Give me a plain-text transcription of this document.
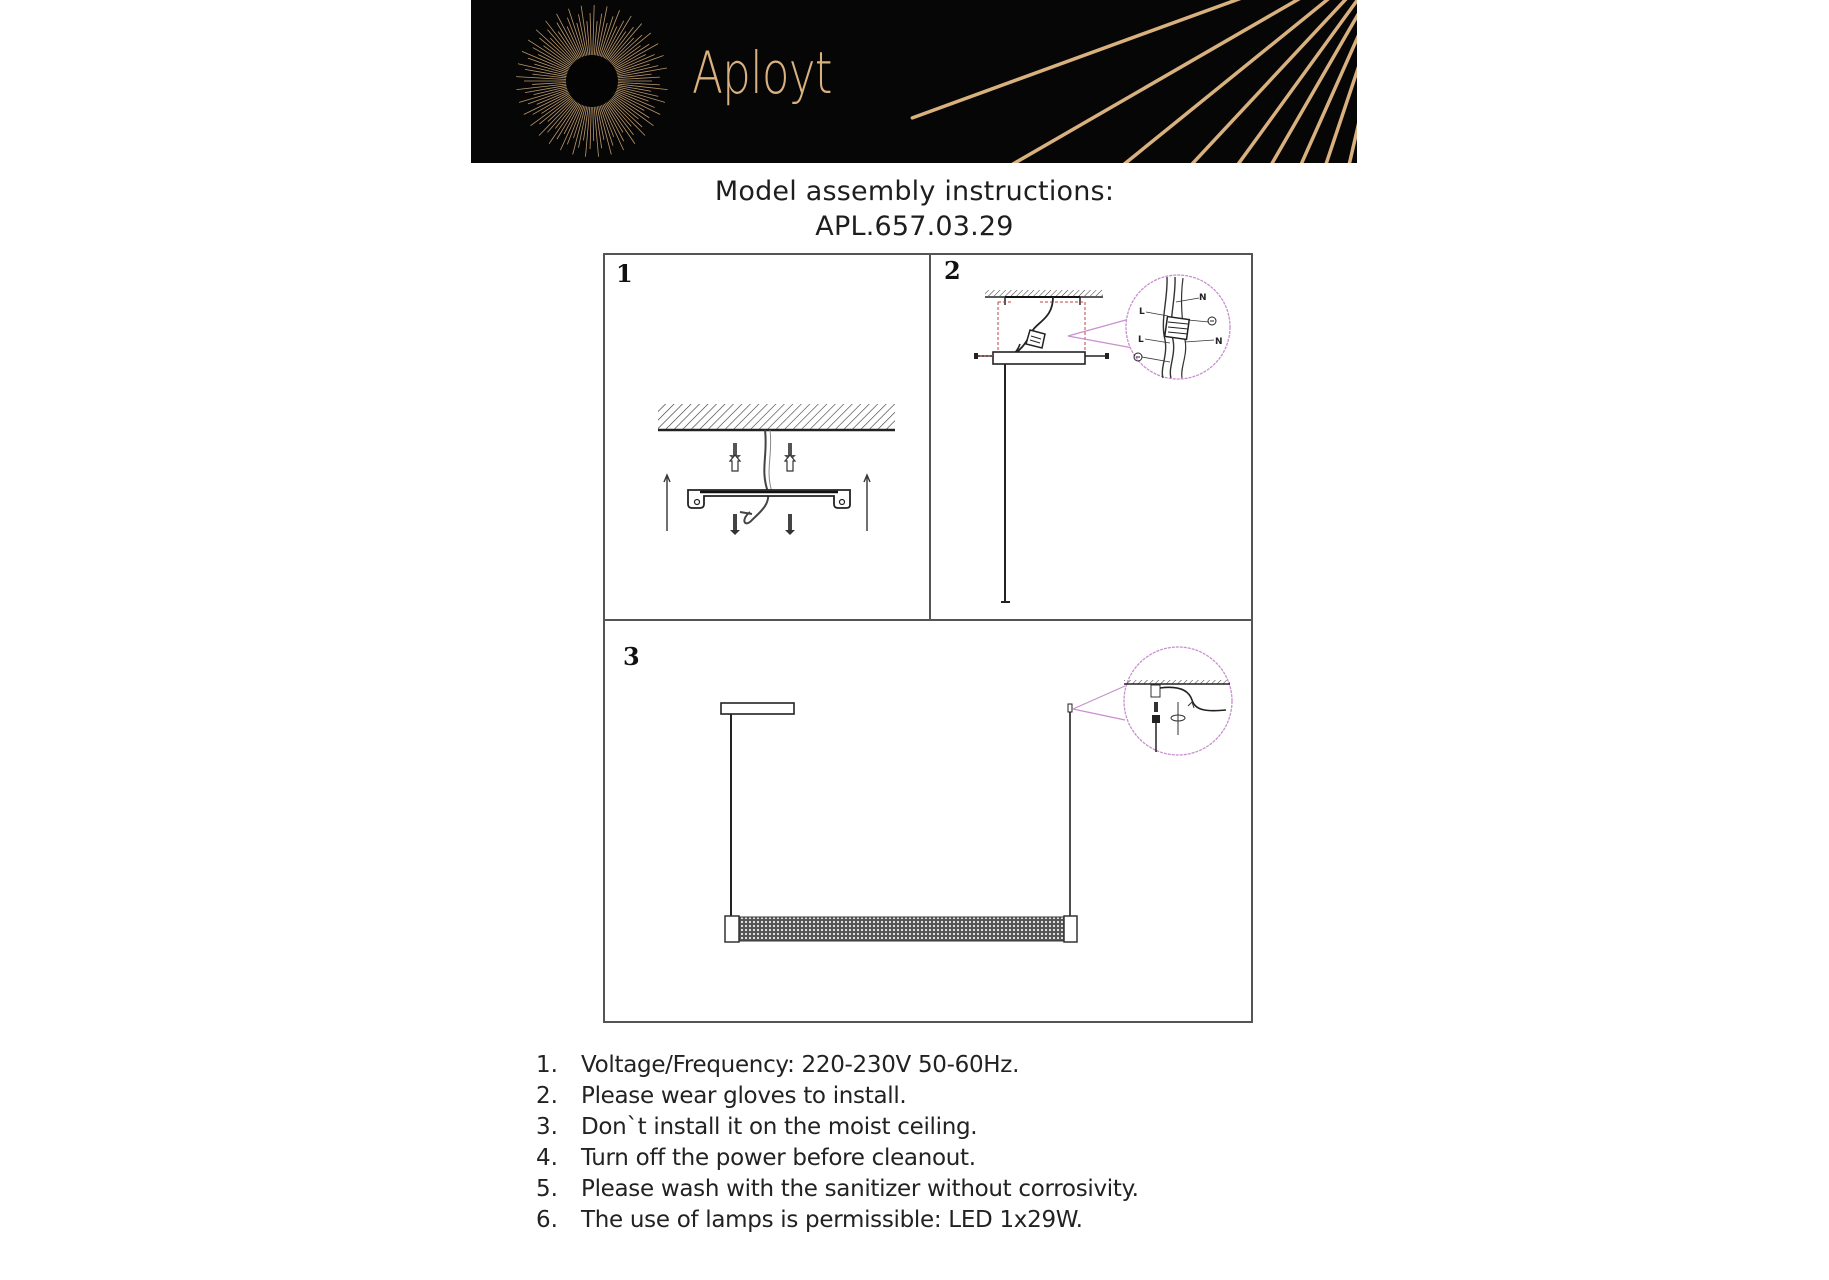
Aployt
Model assembly instructions:
APL.657.03.29
1	2
3
L
N
L	N
1. Voltage/Frequency: 220-230V 50-60Hz.
2. Please wear gloves to install.
3. Don`t install it on the moist ceiling.
4. Turn off the power before cleanout.
5. Please wash with the sanitizer without corrosivity.
6. The use of lamps is permissible: LED 1x29W.
